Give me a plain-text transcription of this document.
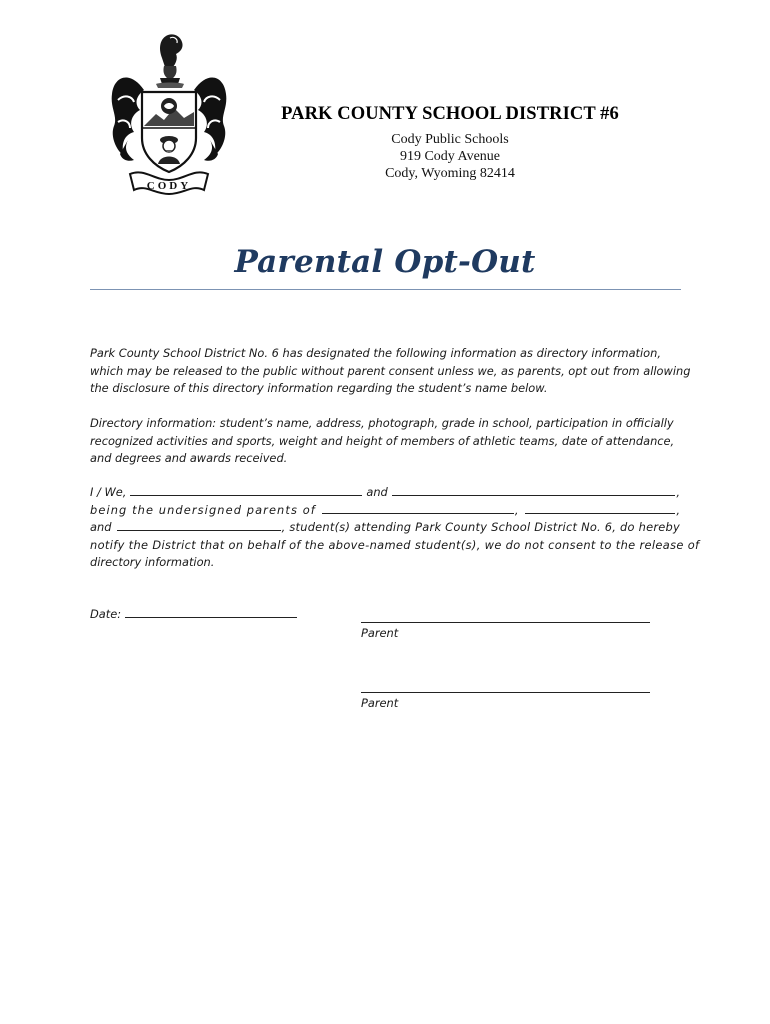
CODY
PARK COUNTY SCHOOL DISTRICT #6
Cody Public Schools
919 Cody Avenue
Cody, Wyoming 82414
Parental Opt-Out
Park County School District No. 6 has designated the following information as directory information,
which may be released to the public without parent consent unless we, as parents, opt out from allowing
the disclosure of this directory information regarding the student’s name below.
Directory information: student’s name, address, photograph, grade in school, participation in officially
recognized activities and sports, weight and height of members of athletic teams, date of attendance,
and degrees and awards received.
I / We,	and	,
being the undersigned parents of	,	,
and	, student(s) attending Park County School District No. 6, do hereby
notify the District that on behalf of the above-named student(s), we do not consent to the release of
directory information.
Date:
Parent
Parent
